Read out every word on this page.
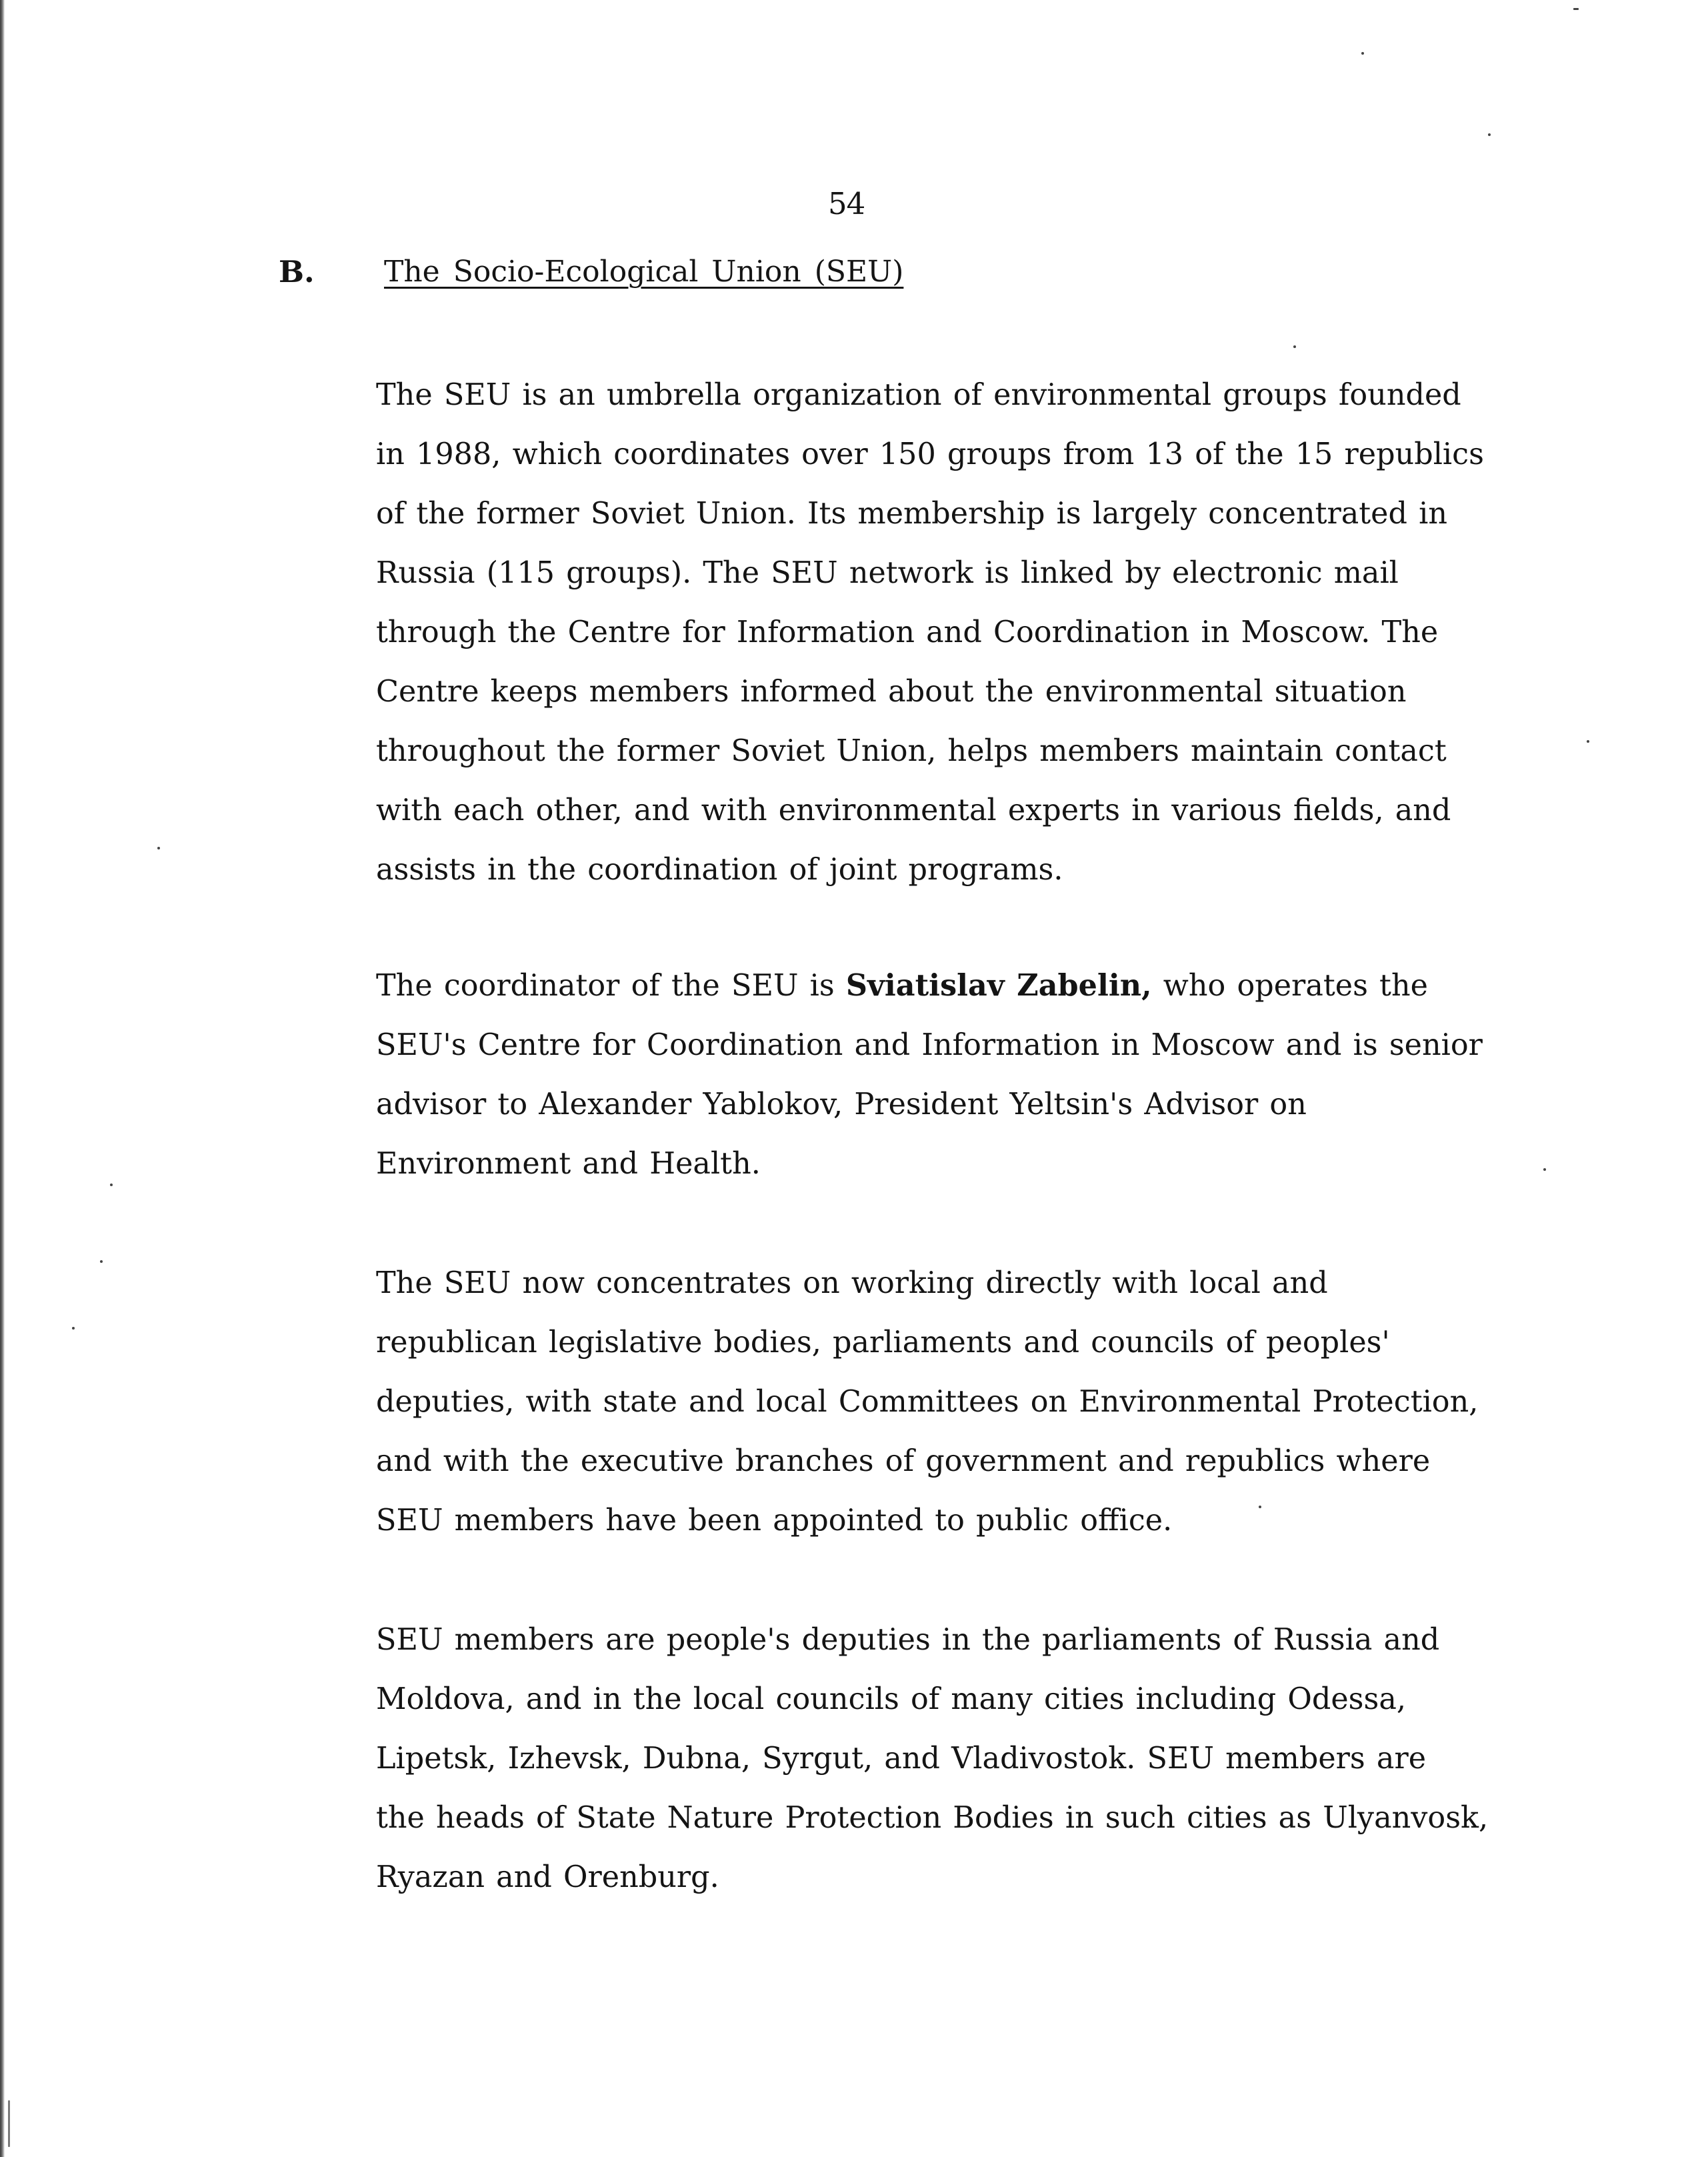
54
B. The Socio-Ecological Union (SEU)
The SEU is an umbrella organization of environmental groups founded
in 1988, which coordinates over 150 groups from 13 of the 15 republics
of the former Soviet Union. Its membership is largely concentrated in
Russia (115 groups). The SEU network is linked by electronic mail
through the Centre for Information and Coordination in Moscow. The
Centre keeps members informed about the environmental situation
throughout the former Soviet Union, helps members maintain contact
with each other, and with environmental experts in various fields, and
assists in the coordination of joint programs.
The coordinator of the SEU is Sviatislav Zabelin, who operates the
SEU's Centre for Coordination and Information in Moscow and is senior
advisor to Alexander Yablokov, President Yeltsin's Advisor on
Environment and Health.
The SEU now concentrates on working directly with local and
republican legislative bodies, parliaments and councils of peoples'
deputies, with state and local Committees on Environmental Protection,
and with the executive branches of government and republics where
SEU members have been appointed to public office.
SEU members are people's deputies in the parliaments of Russia and
Moldova, and in the local councils of many cities including Odessa,
Lipetsk, Izhevsk, Dubna, Syrgut, and Vladivostok. SEU members are
the heads of State Nature Protection Bodies in such cities as Ulyanvosk,
Ryazan and Orenburg.
